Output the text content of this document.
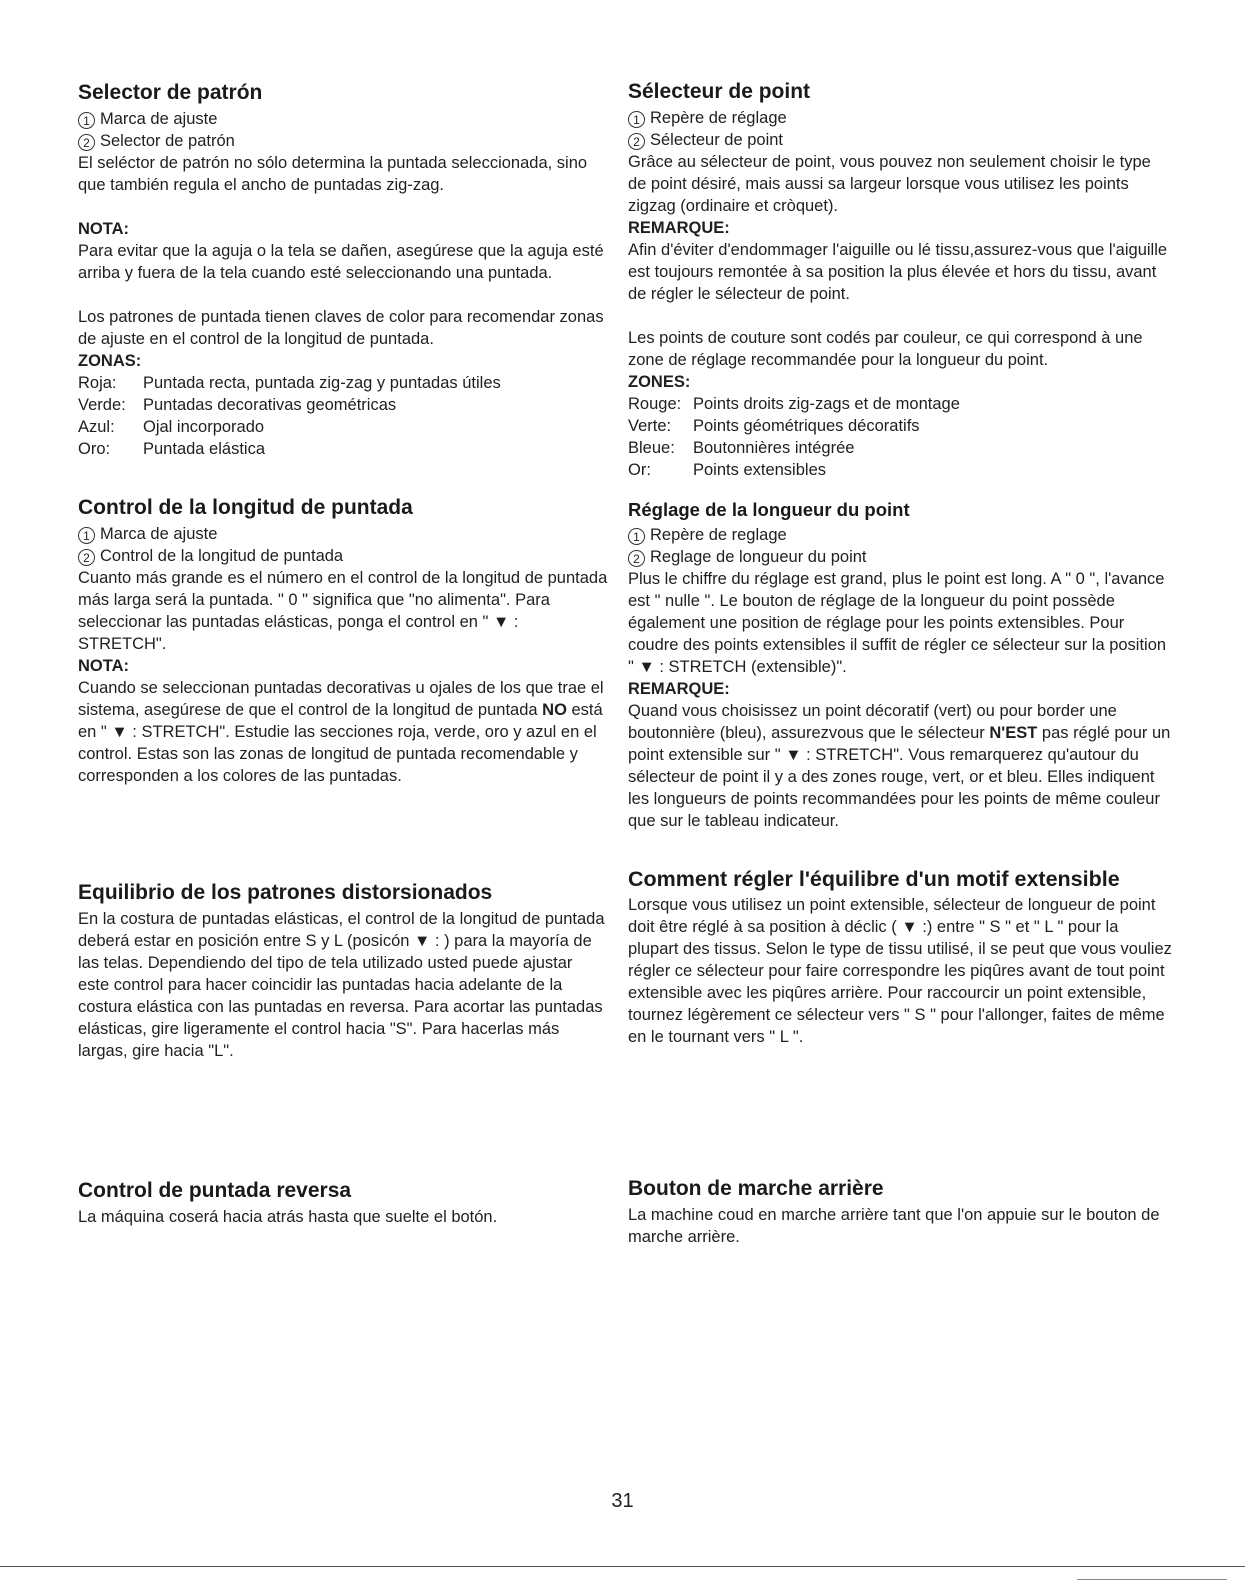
Selector de patrón

1 Marca de ajuste

2 Selector de patrón

El seléctor de patrón no sólo determina la puntada seleccionada, sino que también regula el ancho de puntadas zig-zag.

NOTA:

Para evitar que la aguja o la tela se dañen, asegúrese que la aguja esté arriba y fuera de la tela cuando esté seleccionando una puntada.

Los patrones de puntada tienen claves de color para recomendar zonas de ajuste en el control de la longitud de puntada.

ZONAS:

Roja:	Puntada recta, puntada zig-zag y puntadas útiles
Verde:	Puntadas decorativas geométricas
Azul:	Ojal incorporado
Oro:	Puntada elástica
Control de la longitud de puntada

1 Marca de ajuste

2 Control de la longitud de puntada

Cuanto más grande es el número en el control de la longitud de puntada más larga será la puntada. " 0 " significa que "no alimenta". Para seleccionar las puntadas elásticas, ponga el control en " ▼ : STRETCH".

NOTA:

Cuando se seleccionan puntadas decorativas u ojales de los que trae el sistema, asegúrese de que el control de la longitud de puntada NO está en " ▼ : STRETCH". Estudie las secciones roja, verde, oro y azul en el control. Estas son las zonas de longitud de puntada recomendable y corresponden a los colores de las puntadas.

Equilibrio de los patrones distorsionados

En la costura de puntadas elásticas, el control de la longitud de puntada deberá estar en posición entre S y L (posicón ▼ : ) para la mayoría de las telas. Dependiendo del tipo de tela utilizado usted puede ajustar este control para hacer coincidir las puntadas hacia adelante de la costura elástica con las puntadas en reversa. Para acortar las puntadas elásticas, gire ligeramente el control hacia "S". Para hacerlas más largas, gire hacia "L".

Control de puntada reversa

La máquina coserá hacia atrás hasta que suelte el botón.

Sélecteur de point

1 Repère de réglage

2 Sélecteur de point

Grâce au sélecteur de point, vous pouvez non seulement choisir le type de point désiré, mais aussi sa largeur lorsque vous utilisez les points zigzag (ordinaire et cròquet).

REMARQUE:

Afin d'éviter d'endommager l'aiguille ou lé tissu,assurez-vous que l'aiguille est toujours remontée à sa position la plus élevée et hors du tissu, avant de régler le sélecteur de point.

Les points de couture sont codés par couleur, ce qui correspond à une zone de réglage recommandée pour la longueur du point.

ZONES:

Rouge: Points droits zig-zags et de montage
Verte:	Points géométriques décoratifs
Bleue:	Boutonnières intégrée
Or:	Points extensibles
Réglage de la longueur du point

1 Repère de reglage

2 Reglage de longueur du point

Plus le chiffre du réglage est grand, plus le point est long. A " 0 ", l'avance est " nulle ". Le bouton de réglage de la longueur du point possède également une position de réglage pour les points extensibles. Pour coudre des points extensibles il suffit de régler ce sélecteur sur la position " ▼ : STRETCH (extensible)".

REMARQUE:

Quand vous choisissez un point décoratif (vert) ou pour border une boutonnière (bleu), assurezvous que le sélecteur N'EST pas réglé pour un point extensible sur " ▼ : STRETCH". Vous remarquerez qu'autour du sélecteur de point il y a des zones rouge, vert, or et bleu. Elles indiquent les longueurs de points recommandées pour les points de même couleur que sur le tableau indicateur.

Comment régler l'équilibre d'un motif extensible

Lorsque vous utilisez un point extensible, sélecteur de longueur de point doit être réglé à sa position à déclic ( ▼ :) entre " S " et " L " pour la plupart des tissus. Selon le type de tissu utilisé, il se peut que vous vouliez régler ce sélecteur pour faire correspondre les piqûres avant de tout point extensible avec les piqûres arrière. Pour raccourcir un point extensible, tournez légèrement ce sélecteur vers " S " pour l'allonger, faites de même en le tournant vers " L ".

Bouton de marche arrière

La machine coud en marche arrière tant que l'on appuie sur le bouton de marche arrière.

31
